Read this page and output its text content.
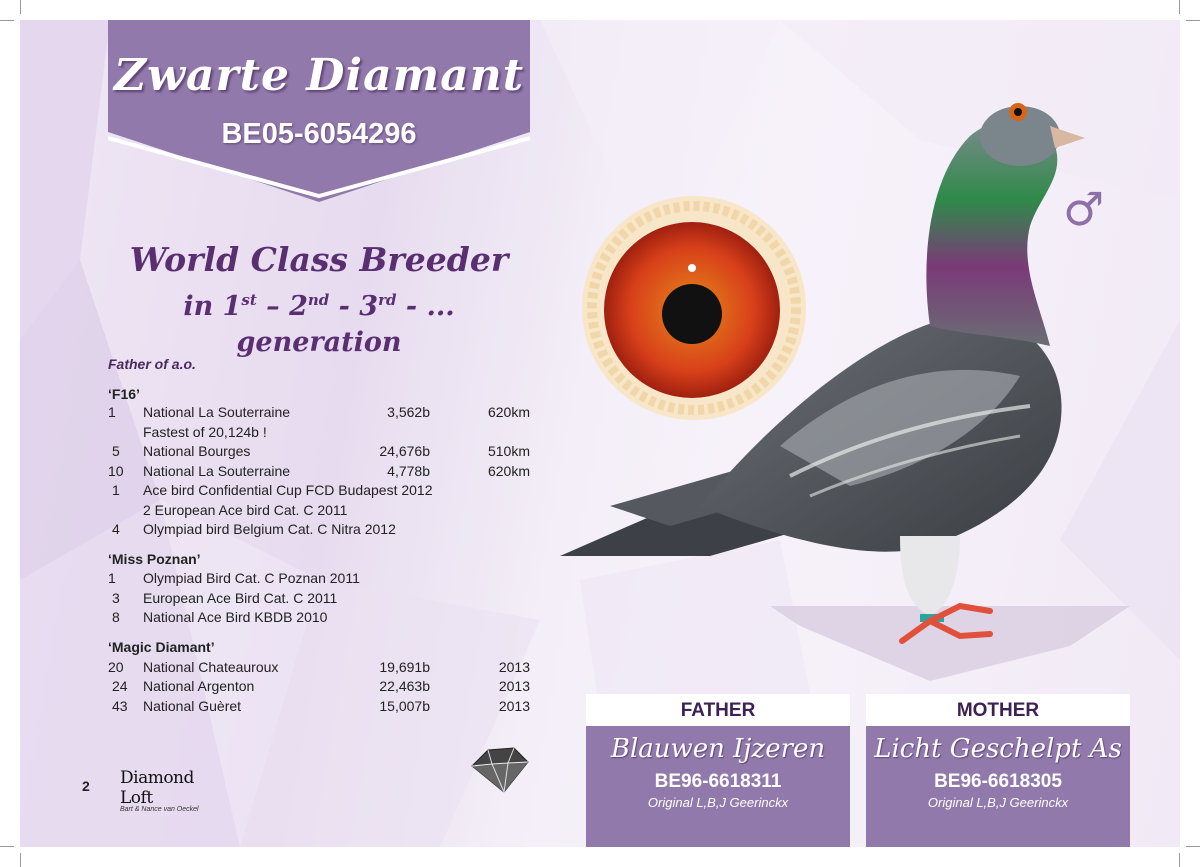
Zwarte Diamant
BE05-6054296
World Class Breeder
in 1st – 2nd - 3rd - ... generation
Father of a.o.
‘F16’
1 National La Souterraine	3,562b	620km
Fastest of 20,124b !
5 National Bourges	24,676b	510km
10 National La Souterraine	4,778b	620km
1 Ace bird Confidential Cup FCD Budapest 2012
2 European Ace bird Cat. C 2011
4 Olympiad bird Belgium Cat. C Nitra 2012
‘Miss Poznan’
1 Olympiad Bird Cat. C Poznan 2011
3 European Ace Bird Cat. C 2011
8 National Ace Bird KBDB 2010
‘Magic Diamant’
20 National Chateauroux	19,691b	2013
24 National Argenton	22,463b	2013
43 National Guèret	15,007b	2013
2 Diamond Loft
Bart & Nance van Oeckel
♂
FATHER
Blauwen Ijzeren
BE96-6618311
Original L,B,J Geerinckx
MOTHER
Licht Geschelpt As
BE96-6618305
Original L,B,J Geerinckx
